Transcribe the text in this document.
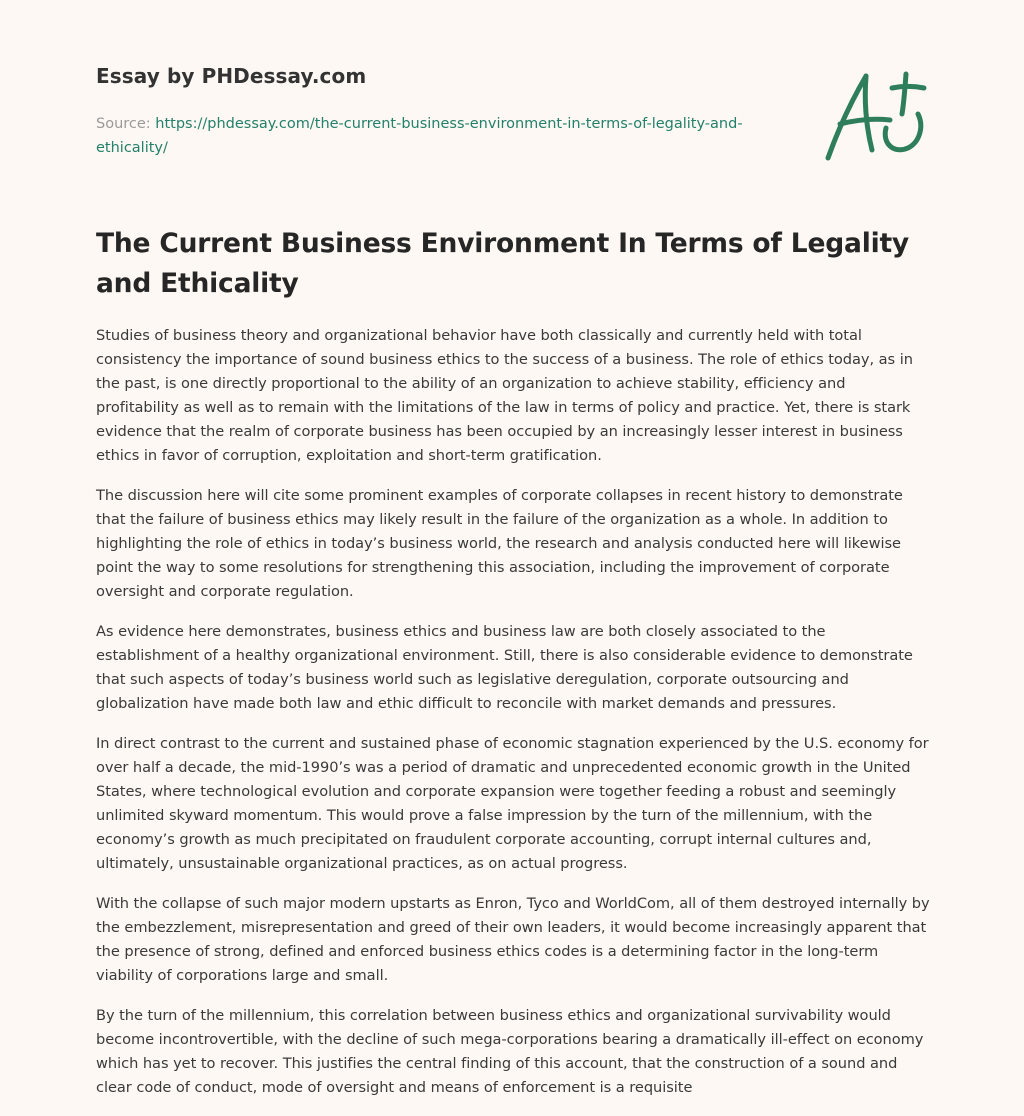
Essay by PHDessay.com
Source: https://phdessay.com/the-current-business-environment-in-terms-of-legality-and-ethicality/
The Current Business Environment In Terms of Legality and Ethicality

Studies of business theory and organizational behavior have both classically and currently held with total consistency the importance of sound business ethics to the success of a business. The role of ethics today, as in the past, is one directly proportional to the ability of an organization to achieve stability, efficiency and profitability as well as to remain with the limitations of the law in terms of policy and practice. Yet, there is stark evidence that the realm of corporate business has been occupied by an increasingly lesser interest in business ethics in favor of corruption, exploitation and short-term gratification.

The discussion here will cite some prominent examples of corporate collapses in recent history to demonstrate that the failure of business ethics may likely result in the failure of the organization as a whole. In addition to highlighting the role of ethics in today’s business world, the research and analysis conducted here will likewise point the way to some resolutions for strengthening this association, including the improvement of corporate oversight and corporate regulation.

As evidence here demonstrates, business ethics and business law are both closely associated to the establishment of a healthy organizational environment. Still, there is also considerable evidence to demonstrate that such aspects of today’s business world such as legislative deregulation, corporate outsourcing and globalization have made both law and ethic difficult to reconcile with market demands and pressures.

In direct contrast to the current and sustained phase of economic stagnation experienced by the U.S. economy for over half a decade, the mid-1990’s was a period of dramatic and unprecedented economic growth in the United States, where technological evolution and corporate expansion were together feeding a robust and seemingly unlimited skyward momentum. This would prove a false impression by the turn of the millennium, with the economy’s growth as much precipitated on fraudulent corporate accounting, corrupt internal cultures and, ultimately, unsustainable organizational practices, as on actual progress.

With the collapse of such major modern upstarts as Enron, Tyco and WorldCom, all of them destroyed internally by the embezzlement, misrepresentation and greed of their own leaders, it would become increasingly apparent that the presence of strong, defined and enforced business ethics codes is a determining factor in the long-term viability of corporations large and small.

By the turn of the millennium, this correlation between business ethics and organizational survivability would become incontrovertible, with the decline of such mega-corporations bearing a dramatically ill-effect on economy which has yet to recover. This justifies the central finding of this account, that the construction of a sound and clear code of conduct, mode of oversight and means of enforcement is a requisite
